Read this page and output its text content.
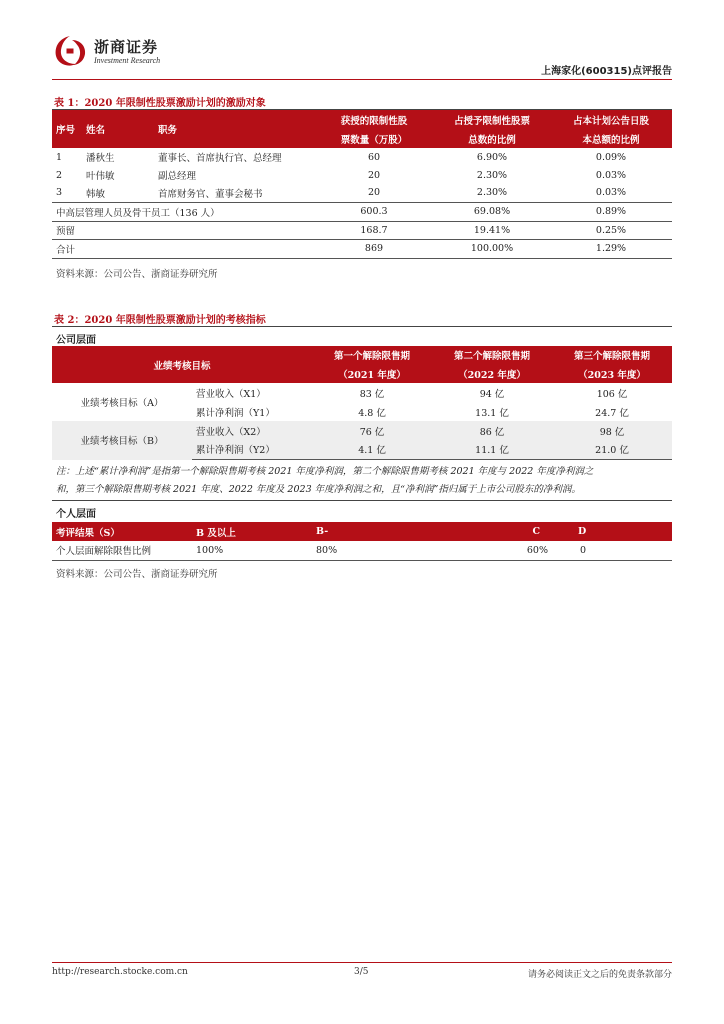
浙商证券
Investment Research
上海家化(600315)点评报告
表 1：2020 年限制性股票激励计划的激励对象
序号	姓名	职务	获授的限制性股	占授予限制性股票	占本计划公告日股
			票数量（万股）	总数的比例	本总额的比例
1	潘秋生	董事长、首席执行官、总经理	60	6.90%	0.09%
2	叶伟敏	副总经理	20	2.30%	0.03%
3	韩敏	首席财务官、董事会秘书	20	2.30%	0.03%
中高层管理人员及骨干员工（136 人）			600.3	69.08%	0.89%
预留			168.7	19.41%	0.25%
合计			869	100.00%	1.29%
资料来源：公司公告、浙商证券研究所
表 2：2020 年限制性股票激励计划的考核指标
公司层面
业绩考核目标		第一个解除限售期	第二个解除限售期	第三个解除限售期
		（2021 年度）	（2022 年度）	（2023 年度）
业绩考核目标（A）	营业收入（X1）	83 亿	94 亿	106 亿
	累计净利润（Y1）	4.8 亿	13.1 亿	24.7 亿
业绩考核目标（B）	营业收入（X2）	76 亿	86 亿	98 亿
	累计净利润（Y2）	4.1 亿	11.1 亿	21.0 亿
注：上述“累计净利润”是指第一个解除限售期考核 2021 年度净利润，第二个解除限售期考核 2021 年度与 2022 年度净利润之
和，第三个解除限售期考核 2021 年度、2022 年度及 2023 年度净利润之和，且“净利润”指归属于上市公司股东的净利润。
个人层面
考评结果（S）	B 及以上	B-	C	D
个人层面解除限售比例	100%	80%	60%	0
资料来源：公司公告、浙商证券研究所
http://research.stocke.com.cn	3/5	请务必阅读正文之后的免责条款部分
